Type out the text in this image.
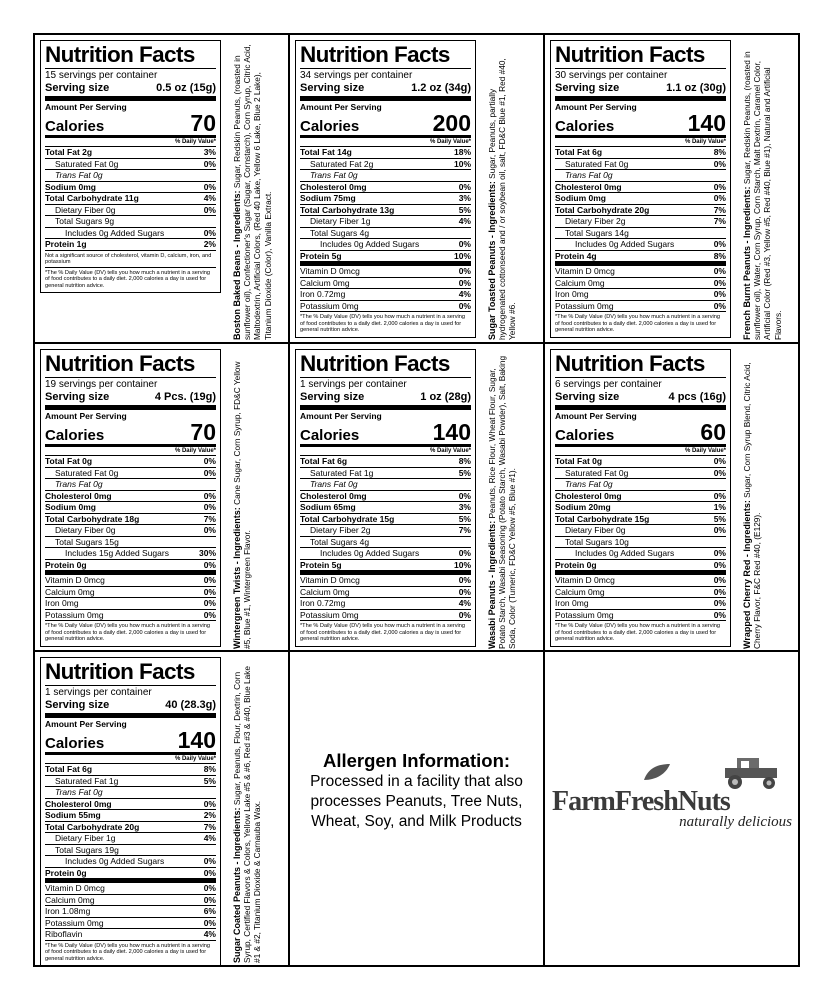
Nutrition Facts
15 servings per container
Serving size	0.5 oz (15g)
Amount Per Serving
Calories	70
% Daily Value*
Total Fat 2g	3%
Saturated Fat 0g	0%
Trans Fat 0g
Sodium 0mg	0%
Total Carbohydrate 11g	4%
Dietary Fiber 0g	0%
Total Sugars 9g
Includes 0g Added Sugars	0%
Protein 1g	2%
Not a significant source of cholesterol, vitamin D, calcium, iron, and potassium
*The % Daily Value (DV) tells you how much a nutrient in a serving of food contributes to a daily diet. 2,000 calories a day is used for general nutrition advice.	Boston Baked Beans - Ingredients: Sugar, Redskin Peanuts, (roasted in sunflower oil), Confectioner's Sugar (Sugar, Cornstarch), Corn Syrup, Citric Acid, Maltodextrin, Artificial Colors, (Red 40 Lake, Yellow 6 Lake, Blue 2 Lake), Titanium Dioxide (Color), Vanilla Extract.
Nutrition Facts
34 servings per container
Serving size	1.2 oz (34g)
Amount Per Serving
Calories	200
% Daily Value*
Total Fat 14g	18%
Saturated Fat 2g	10%
Trans Fat 0g
Cholesterol 0mg	0%
Sodium 75mg	3%
Total Carbohydrate 13g	5%
Dietary Fiber 1g	4%
Total Sugars 4g
Includes 0g Added Sugars	0%
Protein 5g	10%
Vitamin D 0mcg	0%
Calcium 0mg	0%
Iron 0.72mg	4%
Potassium 0mg	0%
*The % Daily Value (DV) tells you how much a nutrient in a serving of food contributes to a daily diet. 2,000 calories a day is used for general nutrition advice.	Sugar Toasted Peanuts - Ingredients: Sugar, Peanuts, partially hydrogenated cottonseed and / or soybean oil, salt, FD&C Blue #1, Red #40, Yellow #6.
Nutrition Facts
30 servings per container
Serving size	1.1 oz (30g)
Amount Per Serving
Calories	140
% Daily Value*
Total Fat 6g	8%
Saturated Fat 0g	0%
Trans Fat 0g
Cholesterol 0mg	0%
Sodium 0mg	0%
Total Carbohydrate 20g	7%
Dietary Fiber 2g	7%
Total Sugars 14g
Includes 0g Added Sugars	0%
Protein 4g	8%
Vitamin D 0mcg	0%
Calcium 0mg	0%
Iron 0mg	0%
Potassium 0mg	0%
*The % Daily Value (DV) tells you how much a nutrient in a serving of food contributes to a daily diet. 2,000 calories a day is used for general nutrition advice.	French Burnt Peanuts - Ingredients: Sugar, Redskin Peanuts, (roasted in sunflower oil), Water, Corn Syrup, Corn Starch, Malt Dextrin, Caramel Color, Artificial Color (Red #3, Yellow #5, Red #40, Blue #1), Natural and Artificial Flavors.
Nutrition Facts
19 servings per container
Serving size	4 Pcs. (19g)
Amount Per Serving
Calories	70
% Daily Value*
Total Fat 0g	0%
Saturated Fat 0g	0%
Trans Fat 0g
Cholesterol 0mg	0%
Sodium 0mg	0%
Total Carbohydrate 18g	7%
Dietary Fiber 0g	0%
Total Sugars 15g
Includes 15g Added Sugars	30%
Protein 0g	0%
Vitamin D 0mcg	0%
Calcium 0mg	0%
Iron 0mg	0%
Potassium 0mg	0%
*The % Daily Value (DV) tells you how much a nutrient in a serving of food contributes to a daily diet. 2,000 calories a day is used for general nutrition advice.	Wintergreen Twists - Ingredients: Cane Sugar, Corn Syrup, FD&C Yellow #5, Blue #1, Wintergreen Flavor.
Nutrition Facts
1 servings per container
Serving size	1 oz (28g)
Amount Per Serving
Calories	140
% Daily Value*
Total Fat 6g	8%
Saturated Fat 1g	5%
Trans Fat 0g
Cholesterol 0mg	0%
Sodium 65mg	3%
Total Carbohydrate 15g	5%
Dietary Fiber 2g	7%
Total Sugars 4g
Includes 0g Added Sugars	0%
Protein 5g	10%
Vitamin D 0mcg	0%
Calcium 0mg	0%
Iron 0.72mg	4%
Potassium 0mg	0%
*The % Daily Value (DV) tells you how much a nutrient in a serving of food contributes to a daily diet. 2,000 calories a day is used for general nutrition advice.	Wasabi Peanuts - Ingredients: Peanuts, Rice Flour, Wheat Flour, Sugar, Potato Starch, Wasabi Seasoning (Potato Starch, Wasabi Powder), Salt, Baking Soda, Color (Tumeric, FD&C Yellow #5, Blue #1).
Nutrition Facts
6 servings per container
Serving size	4 pcs (16g)
Amount Per Serving
Calories	60
% Daily Value*
Total Fat 0g	0%
Saturated Fat 0g	0%
Trans Fat 0g
Cholesterol 0mg	0%
Sodium 20mg	1%
Total Carbohydrate 15g	5%
Dietary Fiber 0g	0%
Total Sugars 10g
Includes 0g Added Sugars	0%
Protein 0g	0%
Vitamin D 0mcg	0%
Calcium 0mg	0%
Iron 0mg	0%
Potassium 0mg	0%
*The % Daily Value (DV) tells you how much a nutrient in a serving of food contributes to a daily diet. 2,000 calories a day is used for general nutrition advice.	Wrapped Cherry Red - Ingredients: Sugar, Corn Syrup Blend, Citric Acid, Cherry Flavor, F&C Red #40, (E129).
Nutrition Facts
1 servings per container
Serving size	40 (28.3g)
Amount Per Serving
Calories	140
% Daily Value*
Total Fat 6g	8%
Saturated Fat 1g	5%
Trans Fat 0g
Cholesterol 0mg	0%
Sodium 55mg	2%
Total Carbohydrate 20g	7%
Dietary Fiber 1g	4%
Total Sugars 19g
Includes 0g Added Sugars	0%
Protein 0g	0%
Vitamin D 0mcg	0%
Calcium 0mg	0%
Iron 1.08mg	6%
Potassium 0mg	0%
Riboflavin	4%
*The % Daily Value (DV) tells you how much a nutrient in a serving of food contributes to a daily diet. 2,000 calories a day is used for general nutrition advice.	Sugar Coated Peanuts - Ingredients: Sugar, Peanuts, Flour, Dextrin, Corn Syrup, Certified Flavors & Colors, Yellow Lake #5 & #6, Red #3 & #40, Blue Lake #1 & #2, Titanium Dioxide & Carnauba Wax.
Allergen Information:
Processed in a facility that also
processes Peanuts, Tree Nuts,
Wheat, Soy, and Milk Products
FarmFreshNuts
naturally delicious
